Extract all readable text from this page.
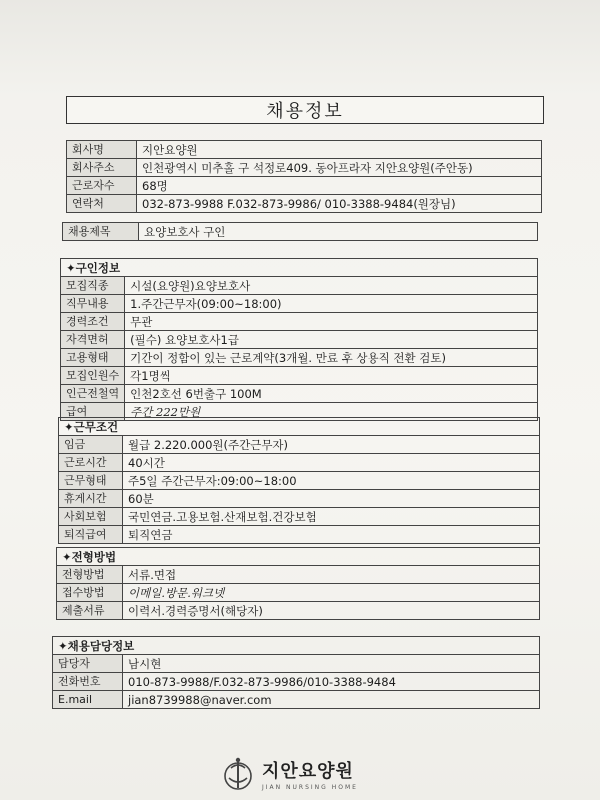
채용정보
회사명	지안요양원
회사주소	인천광역시 미추홀 구 석정로409. 동아프라자 지안요양원(주안동)
근로자수	68명
연락처	032-873-9988 F.032-873-9986/ 010-3388-9484(원장님)
채용제목	요양보호사 구인
✦구인정보	
모집직종	시설(요양원)요양보호사
직무내용	1.주간근무자(09:00~18:00)
경력조건	무관
자격면허	(필수) 요양보호사1급
고용형태	기간이 정함이 있는 근로계약(3개월. 만료 후 상용직 전환 검토)
모집인원수	각1명씩
인근전철역	인천2호선 6번출구 100M
급여	주간 222만원
✦근무조건	
임금	월급 2.220.000원(주간근무자)
근로시간	40시간
근무형태	주5일 주간근무자:09:00~18:00
휴게시간	60분
사회보험	국민연금.고용보험.산재보험.건강보험
퇴직급여	퇴직연금
✦전형방법	
전형방법	서류.면접
접수방법	이메일.방문.워크넷
제출서류	이력서.경력증명서(해당자)
✦채용담당정보	
담당자	남시현
전화번호	010-873-9988/F.032-873-9986/010-3388-9484
E.mail	jian8739988@naver.com
지안요양원
JIAN NURSING HOME
